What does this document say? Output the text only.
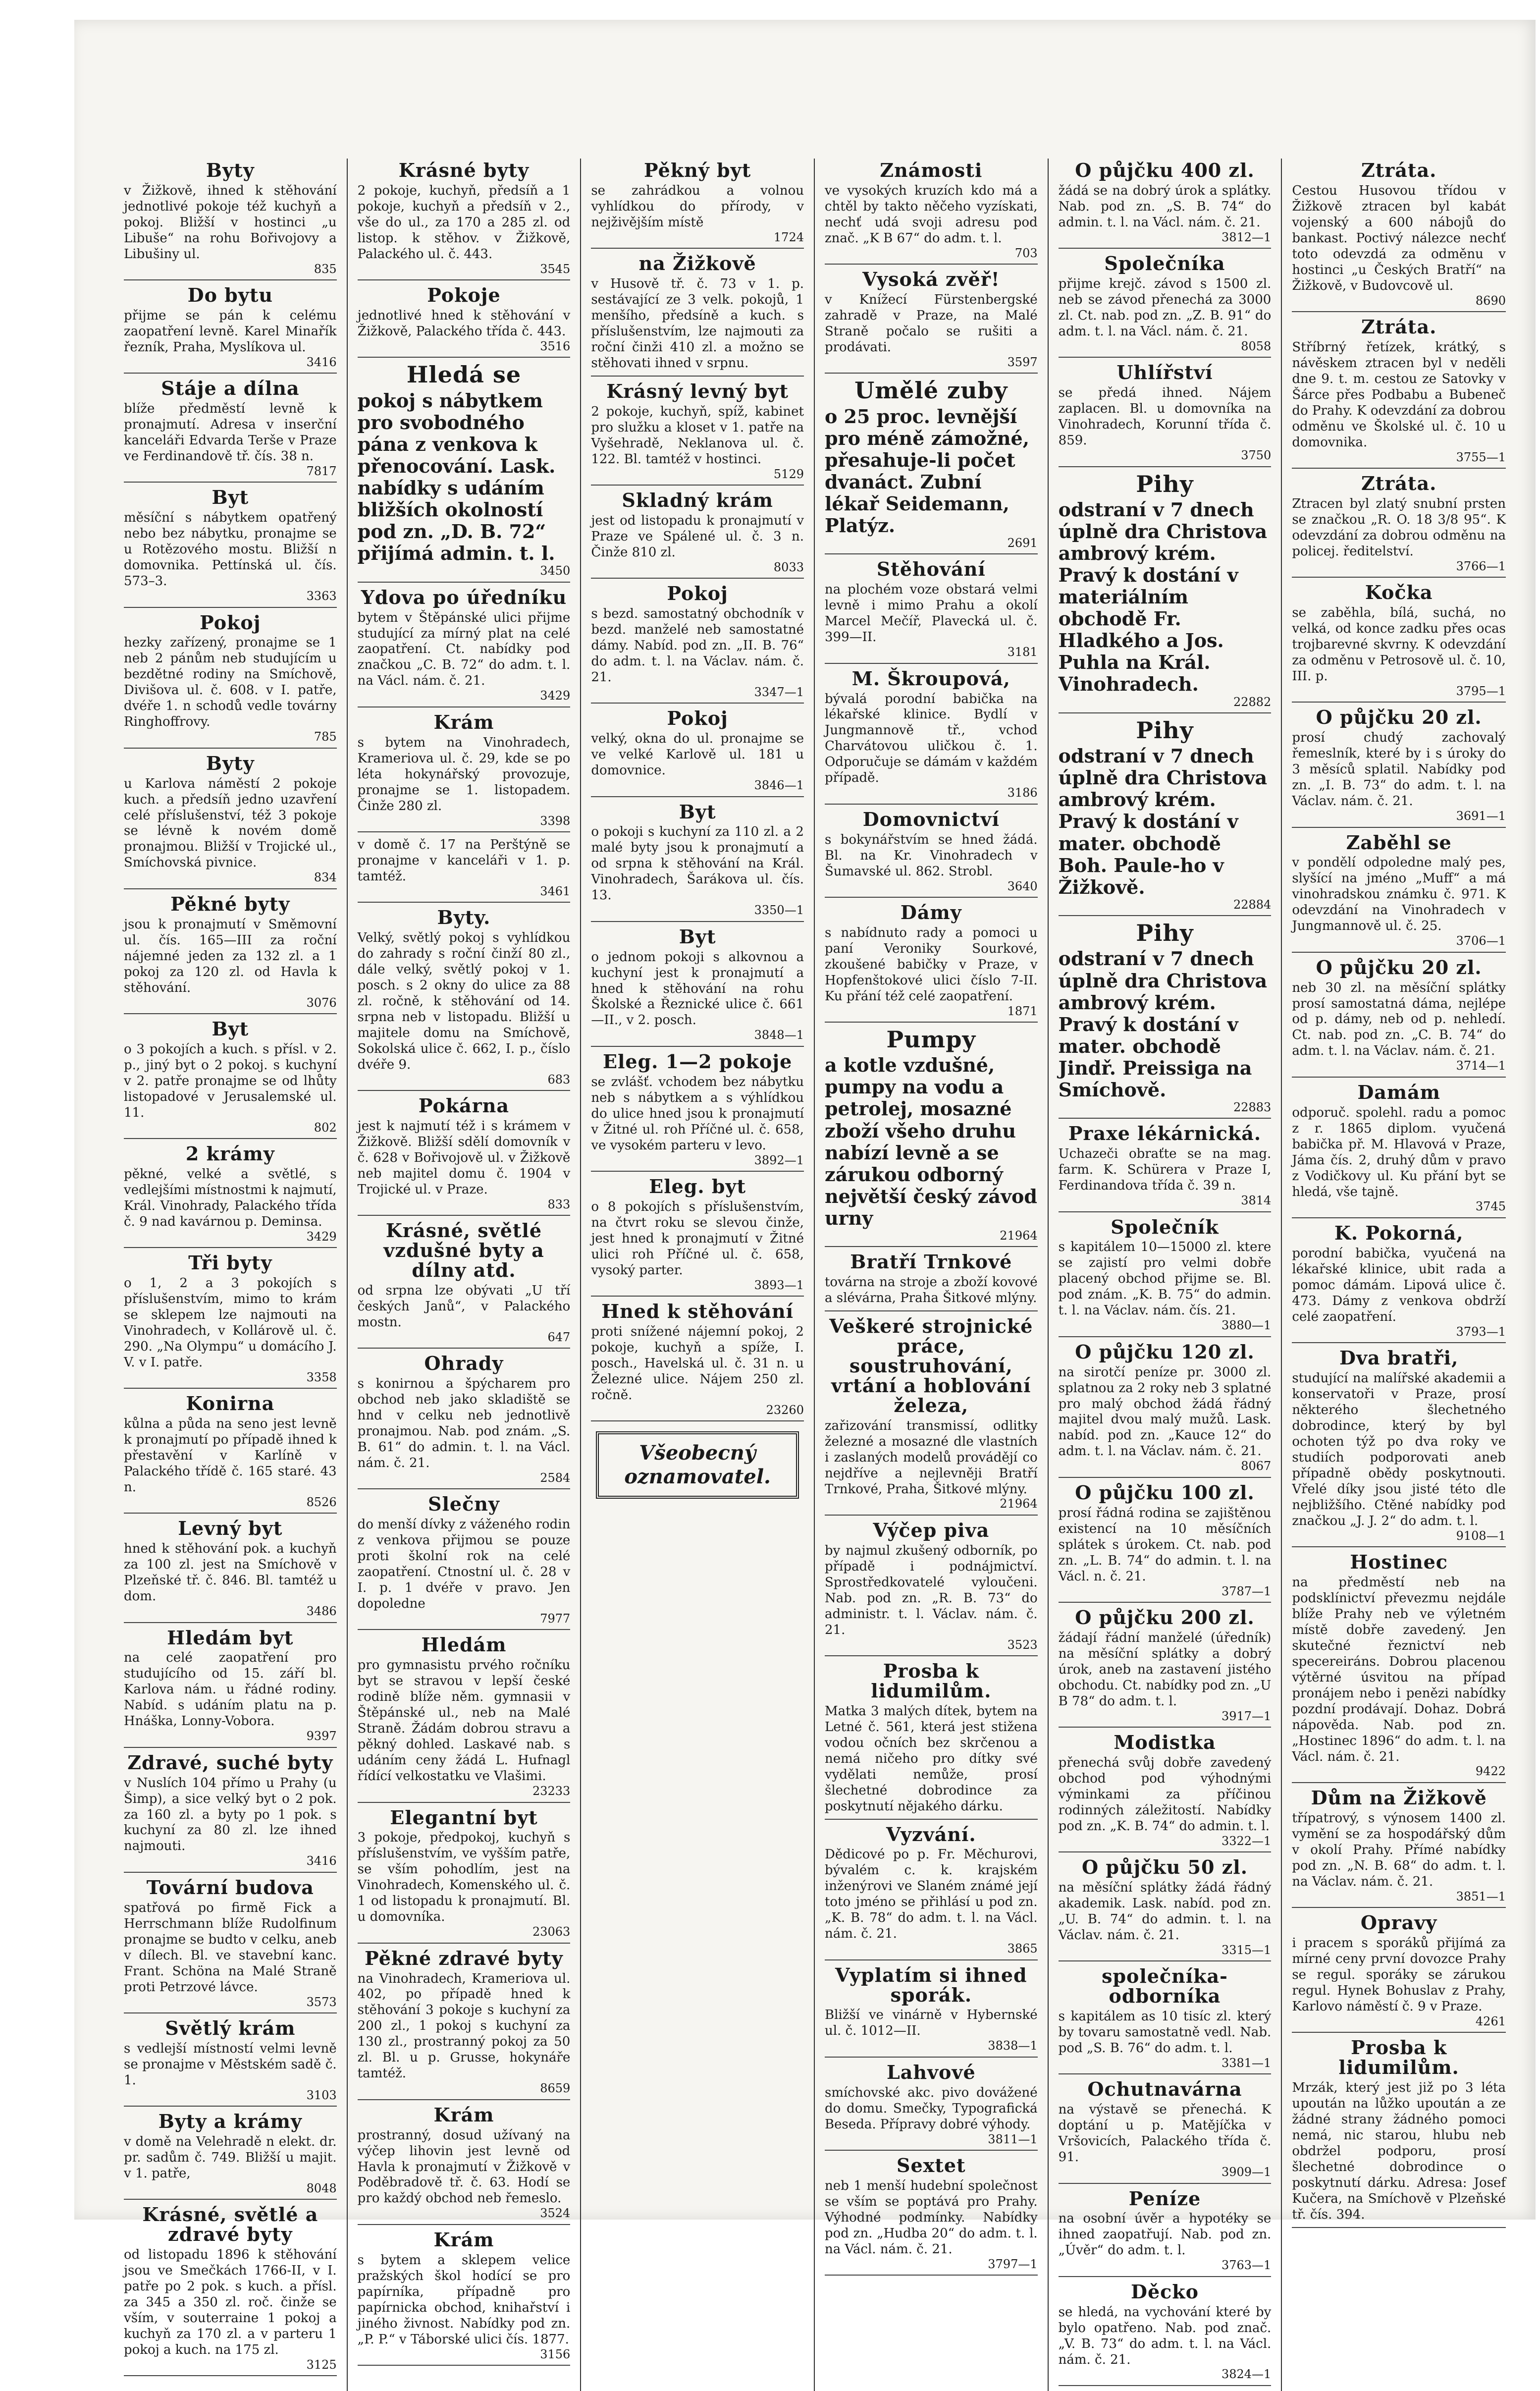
Byty

v Žižkově, ihned k stěhování jednotlivé pokoje též kuchyň a pokoj. Bližší v hostinci „u Libuše“ na rohu Bořivojovy a Libušiny ul.

835
Do bytu

přijme se pán k celému zaopatření levně. Karel Minařík řezník, Praha, Myslíkova ul.

3416
Stáje a dílna

blíže předměstí levně k pronajmutí. Adresa v inserční kanceláři Edvarda Terše v Praze ve Ferdinandově tř. čís. 38 n.

7817
Byt

měsíční s nábytkem opatřený nebo bez nábytku, pronajme se u Rotězového mostu. Bližší n domovnika. Pettínská ul. čís. 573–3.

3363
Pokoj

hezky zařízený, pronajme se 1 neb 2 pánům neb studujícím u bezdětné rodiny na Smíchově, Divišova ul. č. 608. v I. patře, dvéře 1. n schodů vedle továrny Ringhoffrovy.

785
Byty

u Karlova náměstí 2 pokoje kuch. a předsíň jedno uzavření celé příslušenství, též 3 pokoje se lévně k novém domě pronajmou. Bližší v Trojické ul., Smíchovská pivnice.

834
Pěkné byty

jsou k pronajmutí v Směmovní ul. čís. 165—III za roční nájemné jeden za 132 zl. a 1 pokoj za 120 zl. od Havla k stěhování.

3076
Byt

o 3 pokojích a kuch. s přísl. v 2. p., jiný byt o 2 pokoj. s kuchyní v 2. patře pronajme se od lhůty listopadové v Jerusalemské ul. 11.

802
2 krámy

pěkné, velké a světlé, s vedlejšími místnostmi k najmutí, Král. Vinohrady, Palackého třída č. 9 nad kavárnou p. Deminsa.

3429
Tři byty

o 1, 2 a 3 pokojích s příslušenstvím, mimo to krám se sklepem lze najmouti na Vinohradech, v Kollárově ul. č. 290. „Na Olympu“ u domácího J. V. v I. patře.

3358
Konirna

kůlna a půda na seno jest levně k pronajmutí po případě ihned k přestavění v Karlíně v Palackého třídě č. 165 staré. 43 n.

8526
Levný byt

hned k stěhování pok. a kuchyň za 100 zl. jest na Smíchově v Plzeňské tř. č. 846. Bl. tamtéž u dom.

3486
Hledám byt

na celé zaopatření pro studujícího od 15. září bl. Karlova nám. u řádné rodiny. Nabíd. s udáním platu na p. Hnáška, Lonny-Vobora.

9397
Zdravé, suché byty

v Nuslích 104 přímo u Prahy (u Šimp), a sice velký byt o 2 pok. za 160 zl. a byty po 1 pok. s kuchyní za 80 zl. lze ihned najmouti.

3416
Tovární budova

spatřová po firmě Fick a Herrschmann blíže Rudolfinum pronajme se budto v celku, aneb v dílech. Bl. ve stavební kanc. Frant. Schöna na Malé Straně proti Petrzové lávce.

3573
Světlý krám

s vedlejší místností velmi levně se pronajme v Městském sadě č. 1.

3103
Byty a krámy

v domě na Velehradě n elekt. dr. pr. sadům č. 749. Bližší u majit. v 1. patře,

8048
Krásné, světlé a zdravé byty

od listopadu 1896 k stěhování jsou ve Smečkách 1766-II, v I. patře po 2 pok. s kuch. a přísl. za 345 a 350 zl. roč. činže se vším, v souterraine 1 pokoj a kuchyň za 170 zl. a v parteru 1 pokoj a kuch. na 175 zl.

3125
Krásné byty

2 pokoje, kuchyň, předsíň a 1 pokoje, kuchyň a předsíň v 2., vše do ul., za 170 a 285 zl. od listop. k stěhov. v Žižkově, Palackého ul. č. 443.

3545
Pokoje

jednotlivé hned k stěhování v Žižkově, Palackého třída č. 443.

3516
Hledá se

pokoj s nábytkem pro svobodného pána z venkova k přenocování. Lask. nabídky s udáním bližších okolností pod zn. „D. B. 72“ přijímá admin. t. l.

3450
Ydova po úředníku

bytem v Štěpánské ulici přijme studující za mírný plat na celé zaopatření. Ct. nabídky pod značkou „C. B. 72“ do adm. t. l. na Václ. nám. č. 21.

3429
Krám

s bytem na Vinohradech, Krameriova ul. č. 29, kde se po léta hokynářský provozuje, pronajme se 1. listopadem. Činže 280 zl.

3398

v domě č. 17 na Perštýně se pronajme v kanceláři v 1. p. tamtéž.

3461
Byty.

Velký, světlý pokoj s vyhlídkou do zahrady s roční činží 80 zl., dále velký, světlý pokoj v 1. posch. s 2 okny do ulice za 88 zl. ročně, k stěhování od 14. srpna neb v listopadu. Bližší u majitele domu na Smíchově, Sokolská ulice č. 662, I. p., číslo dvéře 9.

683
Pokárna

jest k najmutí též i s krámem v Žižkově. Bližší sdělí domovník v č. 628 v Bořivojově ul. v Žižkově neb majitel domu č. 1904 v Trojické ul. v Praze.

833
Krásné, světlé vzdušné byty a dílny atd.

od srpna lze obývati „U tří českých Janů“, v Palackého mostn.

647
Ohrady

s konirnou a špýcharem pro obchod neb jako skladiště se hnd v celku neb jednotlivě pronajmou. Nab. pod znám. „S. B. 61“ do admin. t. l. na Václ. nám. č. 21.

2584
Slečny

do menší dívky z váženého rodin z venkova přijmou se pouze proti školní rok na celé zaopatření. Ctnostní ul. č. 28 v I. p. 1 dvéře v pravo. Jen dopoledne

7977
Hledám

pro gymnasistu prvého ročníku byt se stravou v lepší české rodině blíže něm. gymnasii v Štěpánské ul., neb na Malé Straně. Žádám dobrou stravu a pěkný dohled. Laskavé nab. s udáním ceny žádá L. Hufnagl řídící velkostatku ve Vlašimi.

23233
Elegantní byt

3 pokoje, předpokoj, kuchyň s příslušenstvím, ve vyšším patře, se vším pohodlím, jest na Vinohradech, Komenského ul. č. 1 od listopadu k pronajmutí. Bl. u domovníka.

23063
Pěkné zdravé byty

na Vinohradech, Krameriova ul. 402, po případě hned k stěhování 3 pokoje s kuchyní za 200 zl., 1 pokoj s kuchyní za 130 zl., prostranný pokoj za 50 zl. Bl. u p. Grusse, hokynáře tamtéž.

8659
Krám

prostranný, dosud užívaný na výčep lihovin jest levně od Havla k pronajmutí v Žižkově v Poděbradově tř. č. 63. Hodí se pro každý obchod neb řemeslo.

3524
Krám

s bytem a sklepem velice pražských škol hodící se pro papírníka, případně pro papírnicka obchod, knihařství i jiného živnost. Nabídky pod zn. „P. P.“ v Táborské ulici čís. 1877.

3156
Pěkný byt

se zahrádkou a volnou vyhlídkou do přírody, v nejživějším místě

1724
na Žižkově

v Husově tř. č. 73 v 1. p. sestávající ze 3 velk. pokojů, 1 menšího, předsíně a kuch. s příslušenstvím, lze najmouti za roční činži 410 zl. a možno se stěhovati ihned v srpnu.

Krásný levný byt

2 pokoje, kuchyň, spíž, kabinet pro služku a kloset v 1. patře na Vyšehradě, Neklanova ul. č. 122. Bl. tamtéž v hostinci.

5129
Skladný krám

jest od listopadu k pronajmutí v Praze ve Spálené ul. č. 3 n. Činže 810 zl.

8033
Pokoj

s bezd. samostatný obchodník v bezd. manželé neb samostatné dámy. Nabíd. pod zn. „II. B. 76“ do adm. t. l. na Václav. nám. č. 21.

3347—1
Pokoj

velký, okna do ul. pronajme se ve velké Karlově ul. 181 u domovnice.

3846—1
Byt

o pokoji s kuchyní za 110 zl. a 2 malé byty jsou k pronajmutí a od srpna k stěhování na Král. Vinohradech, Šarákova ul. čís. 13.

3350—1
Byt

o jednom pokoji s alkovnou a kuchyní jest k pronajmutí a hned k stěhování na rohu Školské a Řeznické ulice č. 661—II., v 2. posch.

3848—1
Eleg. 1—2 pokoje

se zvlášť. vchodem bez nábytku neb s nábytkem a s výhlídkou do ulice hned jsou k pronajmutí v Žitné ul. roh Příčné ul. č. 658, ve vysokém parteru v levo.

3892—1
Eleg. byt

o 8 pokojích s příslušenstvím, na čtvrt roku se slevou činže, jest hned k pronajmutí v Žitné ulici roh Příčné ul. č. 658, vysoký parter.

3893—1
Hned k stěhování

proti snížené nájemní pokoj, 2 pokoje, kuchyň a spíže, I. posch., Havelská ul. č. 31 n. u Železné ulice. Nájem 250 zl. ročně.

23260
Všeobecný
oznamovatel.
Známosti

ve vysokých kruzích kdo má a chtěl by takto něčeho vyzískati, nechť udá svoji adresu pod znač. „K B 67“ do adm. t. l.

703
Vysoká zvěř!

v Knížecí Fürstenbergské zahradě v Praze, na Malé Straně počalo se rušiti a prodávati.

3597
Umělé zuby

o 25 proc. levnější pro méně zámožné, přesahuje-li počet dvanáct. Zubní lékař Seidemann, Platýz.

2691
Stěhování

na plochém voze obstará velmi levně i mimo Prahu a okolí Marcel Mečíř, Plavecká ul. č. 399—II.

3181
M. Škroupová,

bývalá porodní babička na lékařské klinice. Bydlí v Jungmannově tř., vchod Charvátovou uličkou č. 1. Odporučuje se dámám v každém případě.

3186
Domovnictví

s bokynářstvím se hned žádá. Bl. na Kr. Vinohradech v Šumavské ul. 862. Strobl.

3640
Dámy

s nabídnuto rady a pomoci u paní Veroniky Sourkové, zkoušené babičky v Praze, v Hopfenštokové ulici číslo 7-II. Ku přání též celé zaopatření.

1871
Pumpy

a kotle vzdušné, pumpy na vodu a petrolej, mosazné zboží všeho druhu nabízí levně a se zárukou odborný největší český závod urny

21964
Bratří Trnkové

továrna na stroje a zboží kovové a slévárna, Praha Šitkové mlýny.

Veškeré strojnické práce, soustruhování, vrtání a hoblování železa,

zařizování transmissí, odlitky železné a mosazné dle vlastních i zaslaných modelů provádějí co nejdříve a nejlevněji Bratří Trnkové, Praha, Šitkové mlýny.

21964
Výčep piva

by najmul zkušený odborník, po případě i podnájmictví. Sprostředkovatelé vyloučeni. Nab. pod zn. „R. B. 73“ do administr. t. l. Václav. nám. č. 21.

3523
Prosba k lidumilům.

Matka 3 malých dítek, bytem na Letné č. 561, která jest stižena vodou očních bez skrčenou a nemá ničeho pro dítky své vydělati nemůže, prosí šlechetné dobrodince za poskytnutí nějakého dárku.

Vyzvání.

Dědicové po p. Fr. Měchurovi, bývalém c. k. krajském inženýrovi ve Slaném známé její toto jméno se přihlásí u pod zn. „K. B. 78“ do adm. t. l. na Václ. nám. č. 21.

3865
Vyplatím si ihned sporák.

Bližší ve vinárně v Hybernské ul. č. 1012—II.

3838—1
Lahvové

smíchovské akc. pivo dovážené do domu. Smečky, Typografická Beseda. Přípravy dobré výhody.

3811—1
Sextet

neb 1 menší hudební společnost se vším se poptává pro Prahy. Výhodné podmínky. Nabídky pod zn. „Hudba 20“ do adm. t. l. na Václ. nám. č. 21.

3797—1
O půjčku 400 zl.

žádá se na dobrý úrok a splátky. Nab. pod zn. „S. B. 74“ do admin. t. l. na Václ. nám. č. 21.

3812—1
Společníka

přijme krejč. závod s 1500 zl. neb se závod přenechá za 3000 zl. Ct. nab. pod zn. „Z. B. 91“ do adm. t. l. na Václ. nám. č. 21.

8058
Uhlířství

se předá ihned. Nájem zaplacen. Bl. u domovníka na Vinohradech, Korunní třída č. 859.

3750
Pihy

odstraní v 7 dnech úplně dra Christova ambrový krém. Pravý k dostání v materiálním obchodě Fr. Hladkého a Jos. Puhla na Král. Vinohradech.

22882
Pihy

odstraní v 7 dnech úplně dra Christova ambrový krém. Pravý k dostání v mater. obchodě Boh. Paule-ho v Žižkově.

22884
Pihy

odstraní v 7 dnech úplně dra Christova ambrový krém. Pravý k dostání v mater. obchodě Jindř. Preissiga na Smíchově.

22883
Praxe lékárnická.

Uchazeči obraťte se na mag. farm. K. Schürera v Praze I, Ferdinandova třída č. 39 n.

3814
Společník

s kapitálem 10—15000 zl. ktere se zajistí pro velmi dobře placený obchod přijme se. Bl. pod znám. „K. B. 75“ do admin. t. l. na Václav. nám. čís. 21.

3880—1
O půjčku 120 zl.

na sirotčí peníze pr. 3000 zl. splatnou za 2 roky neb 3 splatné pro malý obchod žádá řádný majitel dvou malý mužů. Lask. nabíd. pod zn. „Kauce 12“ do adm. t. l. na Václav. nám. č. 21.

8067
O půjčku 100 zl.

prosí řádná rodina se zajištěnou existencí na 10 měsíčních splátek s úrokem. Ct. nab. pod zn. „L. B. 74“ do admin. t. l. na Václ. n. č. 21.

3787—1
O půjčku 200 zl.

žádají řádní manželé (úředník) na měsíční splátky a dobrý úrok, aneb na zastavení jistého obchodu. Ct. nabídky pod zn. „U B 78“ do adm. t. l.

3917—1
Modistka

přenechá svůj dobře zavedený obchod pod výhodnými výminkami za příčinou rodinných záležitostí. Nabídky pod zn. „K. B. 74“ do admin. t. l.

3322—1
O půjčku 50 zl.

na měsíční splátky žádá řádný akademik. Lask. nabíd. pod zn. „U. B. 74“ do admin. t. l. na Václav. nám. č. 21.

3315—1
společníka-odborníka

s kapitálem as 10 tisíc zl. který by tovaru samostatně vedl. Nab. pod „S. B. 76“ do adm. t. l.

3381—1
Ochutnavárna

na výstavě se přenechá. K doptání u p. Matějíčka v Vršovicích, Palackého třída č. 91.

3909—1
Peníze

na osobní úvěr a hypotéky se ihned zaopatřují. Nab. pod zn. „Úvěr“ do adm. t. l.

3763—1
Děcko

se hledá, na vychování které by bylo opatřeno. Nab. pod znač. „V. B. 73“ do adm. t. l. na Václ. nám. č. 21.

3824—1
Ztráta.

Cestou Husovou třídou v Žižkově ztracen byl kabát vojenský a 600 nábojů do bankast. Poctivý nálezce nechť toto odevzdá za odměnu v hostinci „u Českých Bratří“ na Žižkově, v Budovcově ul.

8690
Ztráta.

Stříbrný řetízek, krátký, s návěskem ztracen byl v neděli dne 9. t. m. cestou ze Satovky v Šárce přes Podbabu a Bubeneč do Prahy. K odevzdání za dobrou odměnu ve Školské ul. č. 10 u domovnika.

3755—1
Ztráta.

Ztracen byl zlatý snubní prsten se značkou „R. O. 18 3/8 95“. K odevzdání za dobrou odměnu na policej. ředitelství.

3766—1
Kočka

se zaběhla, bílá, suchá, no velká, od konce zadku přes ocas trojbarevné skvrny. K odevzdání za odměnu v Petrosově ul. č. 10, III. p.

3795—1
O půjčku 20 zl.

prosí chudý zachovalý řemeslník, které by i s úroky do 3 měsíců splatil. Nabídky pod zn. „I. B. 73“ do adm. t. l. na Václav. nám. č. 21.

3691—1
Zaběhl se

v pondělí odpoledne malý pes, slyšící na jméno „Muff“ a má vinohradskou známku č. 971. K odevzdání na Vinohradech v Jungmannově ul. č. 25.

3706—1
O půjčku 20 zl.

neb 30 zl. na měsíční splátky prosí samostatná dáma, nejlépe od p. dámy, neb od p. nehledí. Ct. nab. pod zn. „C. B. 74“ do adm. t. l. na Václav. nám. č. 21.

3714—1
Damám

odporuč. spolehl. radu a pomoc z r. 1865 diplom. vyučená babička př. M. Hlavová v Praze, Jáma čís. 2, druhý dům v pravo z Vodičkovy ul. Ku přání byt se hledá, vše tajně.

3745
K. Pokorná,

porodní babička, vyučená na lékařské klinice, ubit rada a pomoc dámám. Lipová ulice č. 473. Dámy z venkova obdrží celé zaopatření.

3793—1
Dva bratři,

studující na malířské akademii a konservatoři v Praze, prosí některého šlechetného dobrodince, který by byl ochoten týž po dva roky ve studiích podporovati aneb případně obědy poskytnouti. Vřelé díky jsou jisté této dle nejbližšího. Ctěné nabídky pod značkou „J. J. 2“ do adm. t. l.

9108—1
Hostinec

na předměstí neb na podsklínictví převezmu nejdále blíže Prahy neb ve výletném místě dobře zavedený. Jen skutečné řeznictví neb specereiráns. Dobrou placenou výtěrné úsvitou na případ pronájem nebo i penězi nabídky pozdní prodávají. Dohaz. Dobrá nápověda. Nab. pod zn. „Hostinec 1896“ do adm. t. l. na Václ. nám. č. 21.

9422
Dům na Žižkově

třípatrový, s výnosem 1400 zl. vymění se za hospodářský dům v okolí Prahy. Přímé nabídky pod zn. „N. B. 68“ do adm. t. l. na Václav. nám. č. 21.

3851—1
Opravy

i pracem s sporáků přijímá za mírné ceny první dovozce Prahy se regul. sporáky se zárukou regul. Hynek Bohuslav z Prahy, Karlovo náměstí č. 9 v Praze.

4261
Prosba k lidumilům.

Mrzák, který jest již po 3 léta upoután na lůžko upoután a ze žádné strany žádného pomoci nemá, nic starou, hlubu neb obdržel podporu, prosí šlechetné dobrodince o poskytnutí dárku. Adresa: Josef Kučera, na Smíchově v Plzeňské tř. čís. 394.
